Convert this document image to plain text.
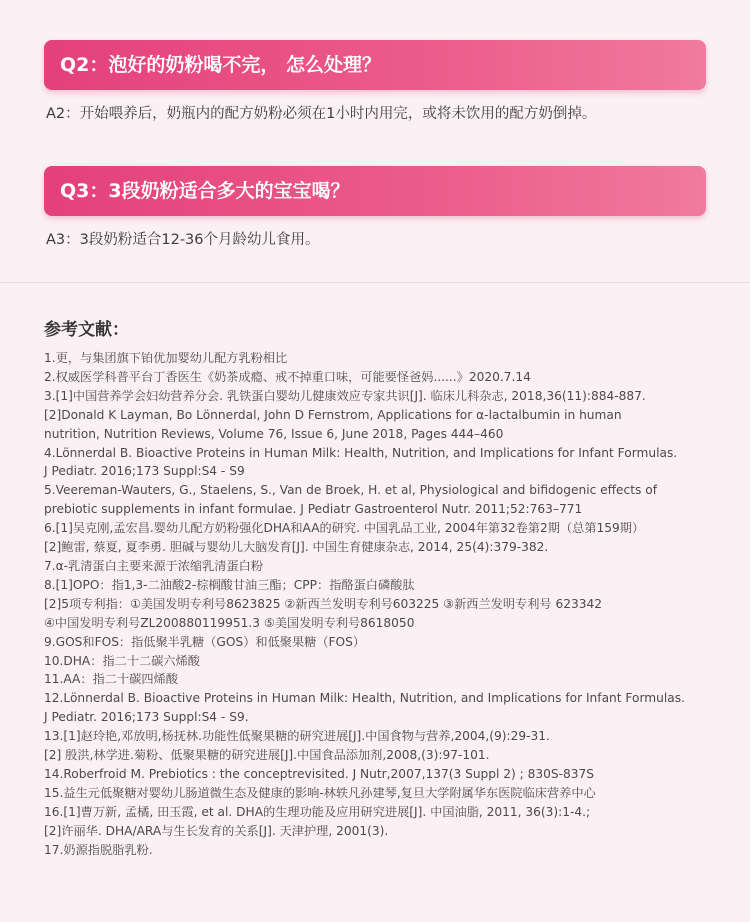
Q2：泡好的奶粉喝不完， 怎么处理？
A2：开始喂养后，奶瓶内的配方奶粉必须在1小时内用完，或将未饮用的配方奶倒掉。
Q3：3段奶粉适合多大的宝宝喝？
A3：3段奶粉适合12-36个月龄幼儿食用。
参考文献：
1.更，与集团旗下铂优加婴幼儿配方乳粉相比
2.权威医学科普平台丁香医生《奶茶成瘾、戒不掉重口味，可能要怪爸妈......》2020.7.14
3.[1]中国营养学会妇幼营养分会. 乳铁蛋白婴幼儿健康效应专家共识[J]. 临床儿科杂志, 2018,36(11):884-887.
[2]Donald K Layman, Bo Lönnerdal, John D Fernstrom, Applications for α-lactalbumin in human
nutrition, Nutrition Reviews, Volume 76, Issue 6, June 2018, Pages 444–460
4.Lönnerdal B. Bioactive Proteins in Human Milk: Health, Nutrition, and Implications for Infant Formulas.
J Pediatr. 2016;173 Suppl:S4 - S9
5.Veereman-Wauters, G., Staelens, S., Van de Broek, H. et al, Physiological and bifidogenic effects of
prebiotic supplements in infant formulae. J Pediatr Gastroenterol Nutr. 2011;52:763–771
6.[1]吴克刚,孟宏昌.婴幼儿配方奶粉强化DHA和AA的研究. 中国乳品工业, 2004年第32卷第2期（总第159期）
[2]鲍雷, 蔡夏, 夏李勇. 胆碱与婴幼儿大脑发育[J]. 中国生育健康杂志, 2014, 25(4):379-382.
7.α-乳清蛋白主要来源于浓缩乳清蛋白粉
8.[1]OPO：指1,3-二油酸2-棕榈酸甘油三酯；CPP：指酪蛋白磷酸肽
[2]5项专利指：①美国发明专利号8623825 ②新西兰发明专利号603225 ③新西兰发明专利号 623342
④中国发明专利号ZL200880119951.3 ⑤美国发明专利号8618050
9.GOS和FOS：指低聚半乳糖（GOS）和低聚果糖（FOS）
10.DHA：指二十二碳六烯酸
11.AA：指二十碳四烯酸
12.Lönnerdal B. Bioactive Proteins in Human Milk: Health, Nutrition, and Implications for Infant Formulas.
J Pediatr. 2016;173 Suppl:S4 - S9.
13.[1]赵玲艳,邓放明,杨抚林.功能性低聚果糖的研究进展[J].中国食物与营养,2004,(9):29-31.
[2] 殷洪,林学进.菊粉、低聚果糖的研究进展[J].中国食品添加剂,2008,(3):97-101.
14.Roberfroid M. Prebiotics : the conceptrevisited. J Nutr,2007,137(3 Suppl 2) ; 830S-837S
15.益生元低聚糖对婴幼儿肠道微生态及健康的影响-林轶凡孙建琴,复旦大学附属华东医院临床营养中心
16.[1]曹万新, 孟橘, 田玉霞, et al. DHA的生理功能及应用研究进展[J]. 中国油脂, 2011, 36(3):1-4.;
[2]许丽华. DHA/ARA与生长发育的关系[J]. 天津护理, 2001(3).
17.奶源指脱脂乳粉.
